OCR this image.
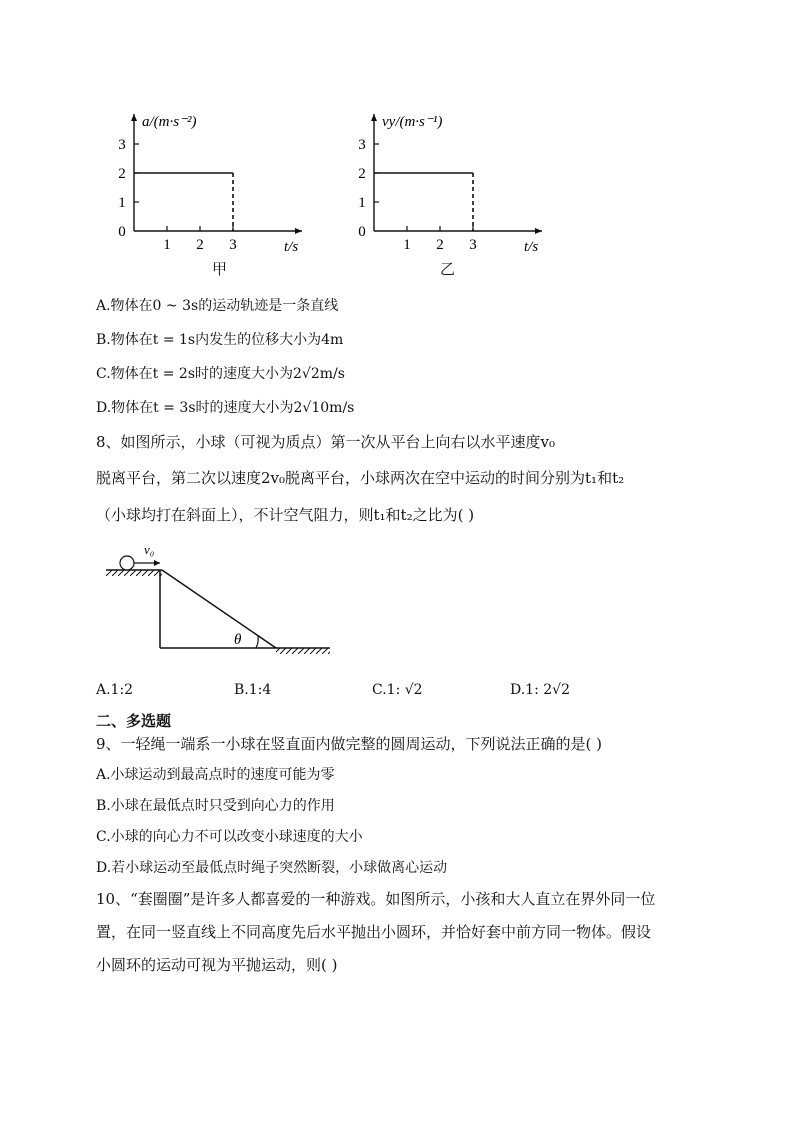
0
1
2
3
1 2 3
a/(m·s⁻²)
t/s
甲
0
1
2
3
1 2 3
vy/(m·s⁻¹)
t/s
乙
A.物体在0 ~ 3s的运动轨迹是一条直线
B.物体在t = 1s内发生的位移大小为4m
C.物体在t = 2s时的速度大小为2√2m/s
D.物体在t = 3s时的速度大小为2√10m/s
8、如图所示，小球（可视为质点）第一次从平台上向右以水平速度v₀
脱离平台，第二次以速度2v₀脱离平台，小球两次在空中运动的时间分别为t₁和t₂
（小球均打在斜面上），不计空气阻力，则t₁和t₂之比为( )
θ
v₀
A.1:2	B.1:4	C.1: √2	D.1: 2√2
二、多选题
9、一轻绳一端系一小球在竖直面内做完整的圆周运动，下列说法正确的是( )
A.小球运动到最高点时的速度可能为零
B.小球在最低点时只受到向心力的作用
C.小球的向心力不可以改变小球速度的大小
D.若小球运动至最低点时绳子突然断裂，小球做离心运动
10、“套圈圈”是许多人都喜爱的一种游戏。如图所示，小孩和大人直立在界外同一位
置，在同一竖直线上不同高度先后水平抛出小圆环，并恰好套中前方同一物体。假设
小圆环的运动可视为平抛运动，则( )
